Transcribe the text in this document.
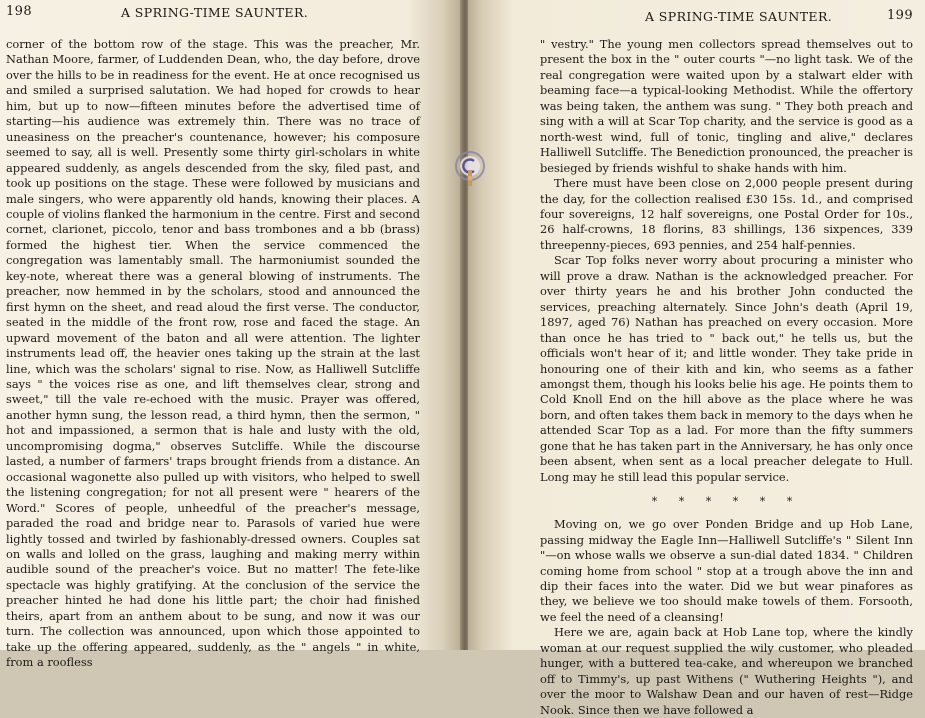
198	A SPRING-TIME SAUNTER.

corner of the bottom row of the stage. This was the preacher, Mr. Nathan Moore, farmer, of Luddenden Dean, who, the day before, drove over the hills to be in readiness for the event. He at once recognised us and smiled a surprised salutation. We had hoped for crowds to hear him, but up to now—fifteen minutes before the advertised time of starting—his audience was extremely thin. There was no trace of uneasiness on the preacher's countenance, however; his composure seemed to say, all is well. Presently some thirty girl-scholars in white appeared suddenly, as angels descended from the sky, filed past, and took up positions on the stage. These were followed by musicians and male singers, who were apparently old hands, knowing their places. A couple of violins flanked the harmonium in the centre. First and second cornet, clarionet, piccolo, tenor and bass trombones and a bb (brass) formed the highest tier. When the service commenced the congregation was lamentably small. The harmoniumist sounded the key-note, whereat there was a general blowing of instruments. The preacher, now hemmed in by the scholars, stood and announced the first hymn on the sheet, and read aloud the first verse. The conductor, seated in the middle of the front row, rose and faced the stage. An upward movement of the baton and all were attention. The lighter instruments lead off, the heavier ones taking up the strain at the last line, which was the scholars' signal to rise. Now, as Halliwell Sutcliffe says " the voices rise as one, and lift themselves clear, strong and sweet," till the vale re-echoed with the music. Prayer was offered, another hymn sung, the lesson read, a third hymn, then the sermon, " hot and impassioned, a sermon that is hale and lusty with the old, uncompromising dogma," observes Sutcliffe. While the discourse lasted, a number of farmers' traps brought friends from a distance. An occasional wagonette also pulled up with visitors, who helped to swell the listening congregation; for not all present were " hearers of the Word." Scores of people, unheedful of the preacher's message, paraded the road and bridge near to. Parasols of varied hue were lightly tossed and twirled by fashionably-dressed owners. Couples sat on walls and lolled on the grass, laughing and making merry within audible sound of the preacher's voice. But no matter! The fete-like spectacle was highly gratifying. At the conclusion of the service the preacher hinted he had done his little part; the choir had finished theirs, apart from an anthem about to be sung, and now it was our turn. The collection was announced, upon which those appointed to take up the offering appeared, suddenly, as the " angels " in white, from a roofless

A SPRING-TIME SAUNTER.	199

" vestry." The young men collectors spread themselves out to present the box in the " outer courts "—no light task. We of the real congregation were waited upon by a stalwart elder with beaming face—a typical-looking Methodist. While the offertory was being taken, the anthem was sung. " They both preach and sing with a will at Scar Top charity, and the service is good as a north-west wind, full of tonic, tingling and alive," declares Halliwell Sutcliffe. The Benediction pronounced, the preacher is besieged by friends wishful to shake hands with him.

There must have been close on 2,000 people present during the day, for the collection realised £30 15s. 1d., and comprised four sovereigns, 12 half sovereigns, one Postal Order for 10s., 26 half-crowns, 18 florins, 83 shillings, 136 sixpences, 339 threepenny-pieces, 693 pennies, and 254 half-pennies.

Scar Top folks never worry about procuring a minister who will prove a draw. Nathan is the acknowledged preacher. For over thirty years he and his brother John conducted the services, preaching alternately. Since John's death (April 19, 1897, aged 76) Nathan has preached on every occasion. More than once he has tried to " back out," he tells us, but the officials won't hear of it; and little wonder. They take pride in honouring one of their kith and kin, who seems as a father amongst them, though his looks belie his age. He points them to Cold Knoll End on the hill above as the place where he was born, and often takes them back in memory to the days when he attended Scar Top as a lad. For more than the fifty summers gone that he has taken part in the Anniversary, he has only once been absent, when sent as a local preacher delegate to Hull. Long may he still lead this popular service.

* * * * * *

Moving on, we go over Ponden Bridge and up Hob Lane, passing midway the Eagle Inn—Halliwell Sutcliffe's " Silent Inn "—on whose walls we observe a sun-dial dated 1834. " Children coming home from school " stop at a trough above the inn and dip their faces into the water. Did we but wear pinafores as they, we believe we too should make towels of them. Forsooth, we feel the need of a cleansing!

Here we are, again back at Hob Lane top, where the kindly woman at our request supplied the wily customer, who pleaded hunger, with a buttered tea-cake, and whereupon we branched off to Timmy's, up past Withens (" Wuthering Heights "), and over the moor to Walshaw Dean and our haven of rest—Ridge Nook. Since then we have followed a
